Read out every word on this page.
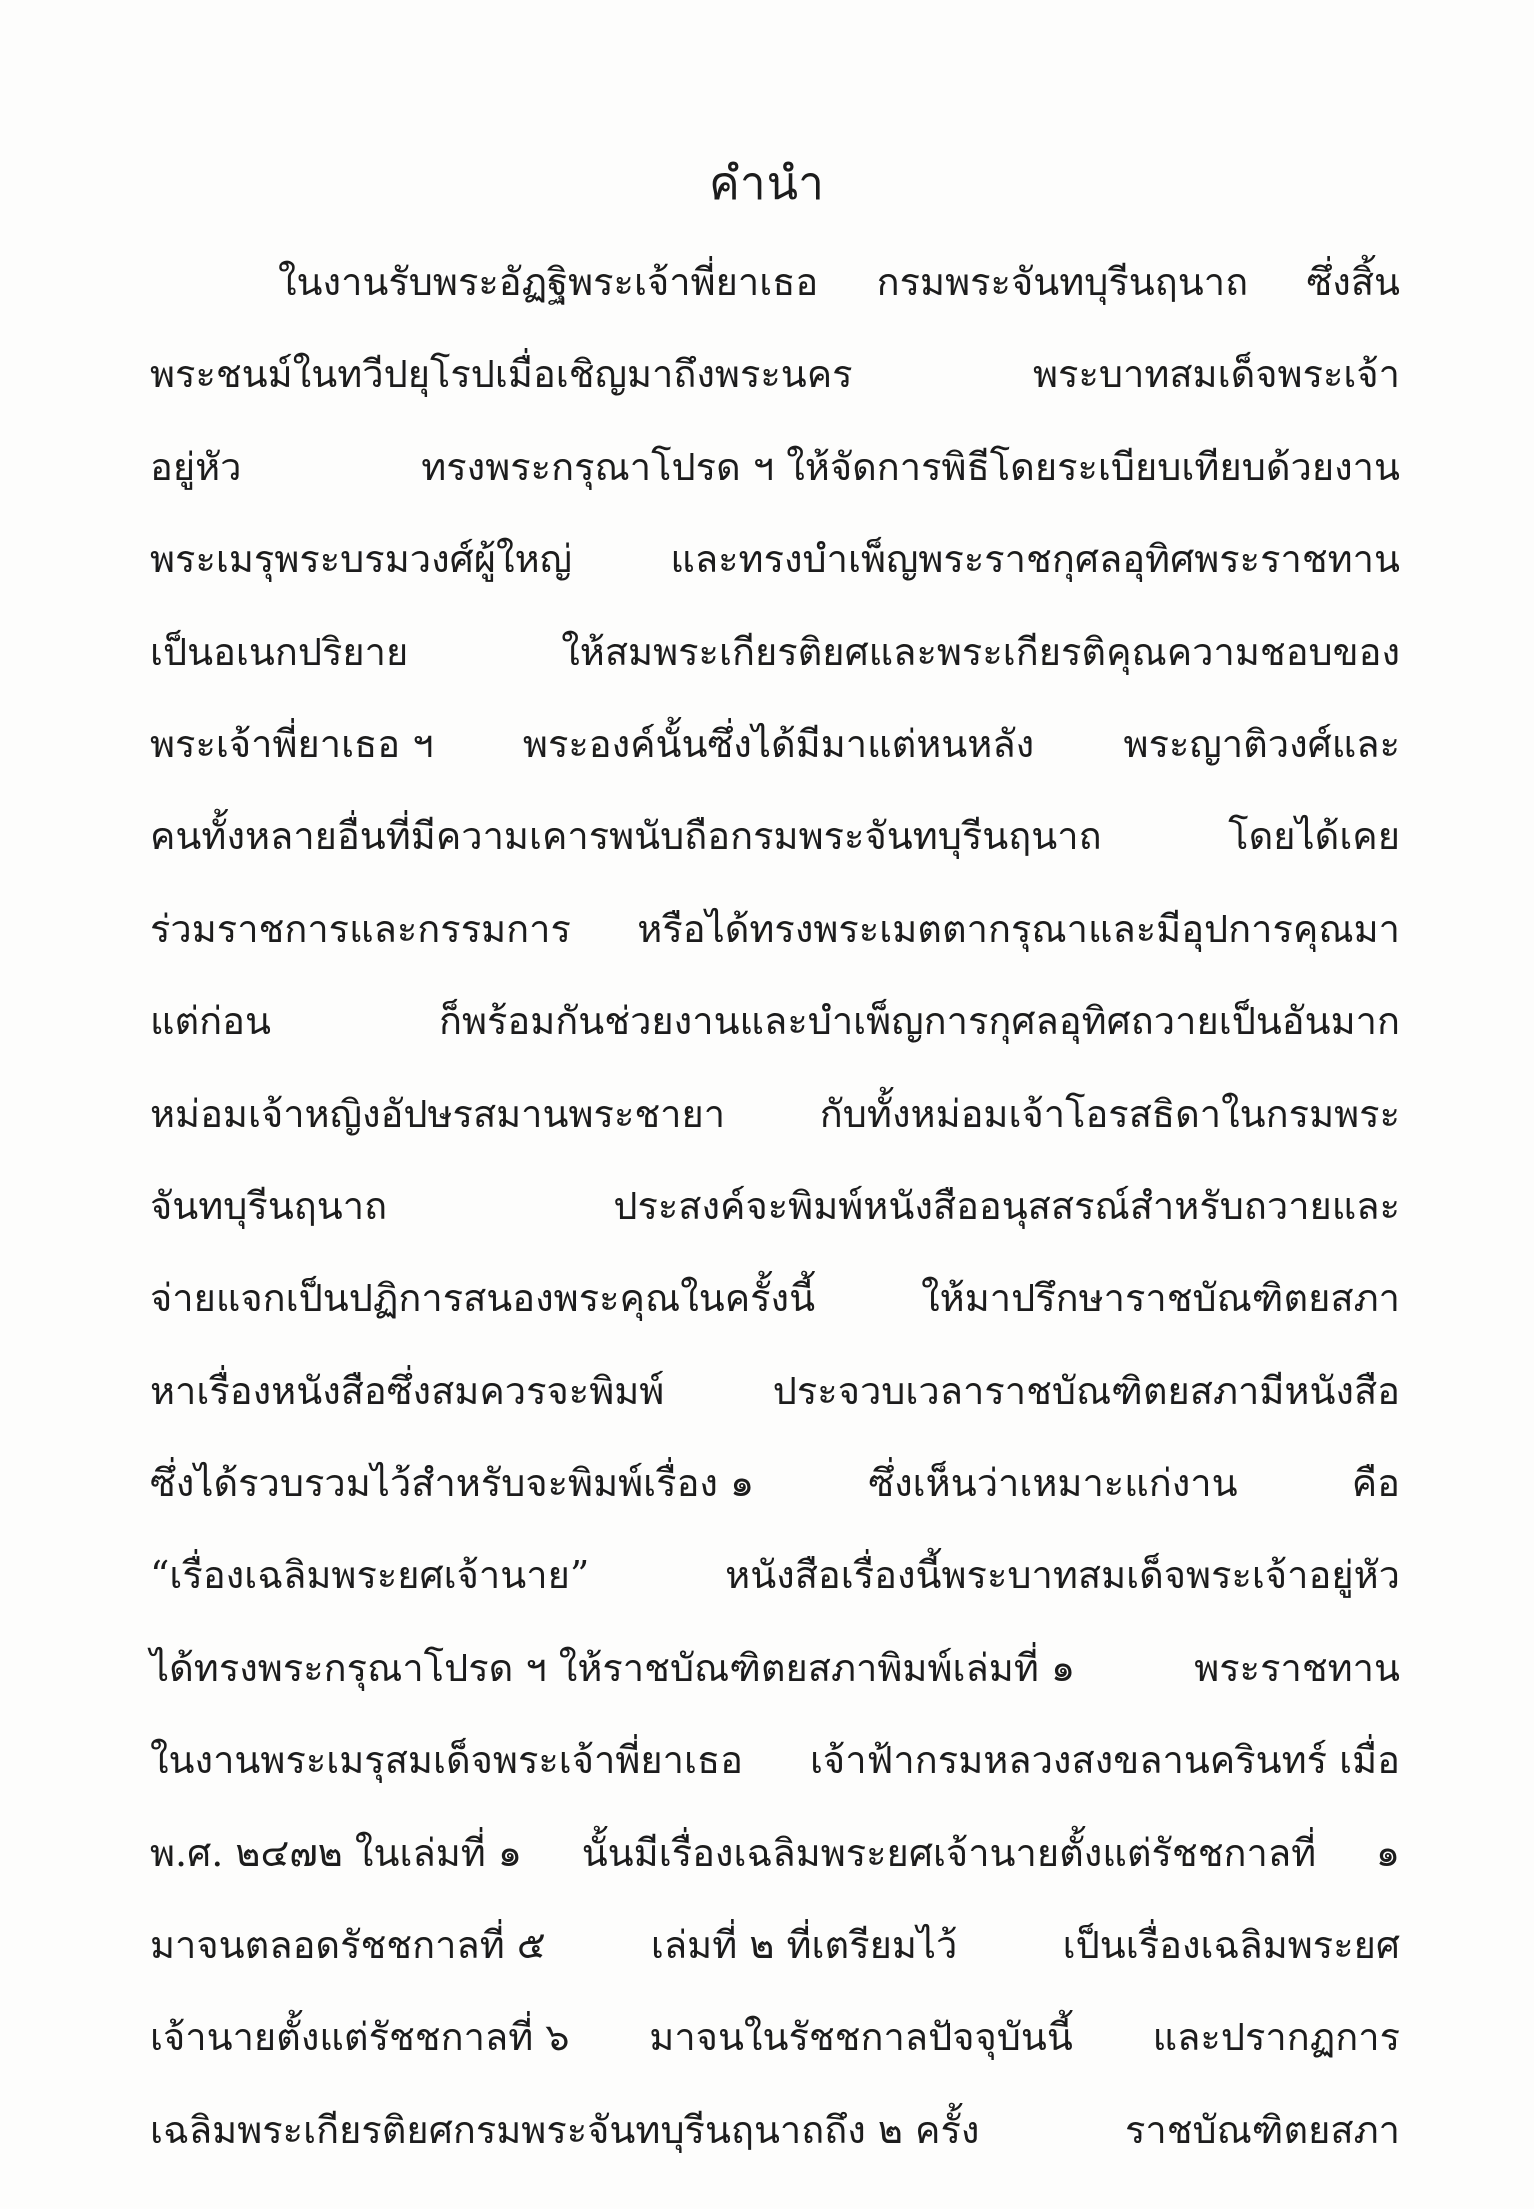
คำนำ
ในงานรับพระอัฏฐิพระเจ้าพี่ยาเธอ กรมพระจันทบุรีนฤนาถ ซึ่งสิ้น
พระชนม์ในทวีปยุโรปเมื่อเชิญมาถึงพระนคร	พระบาทสมเด็จพระเจ้า
อยู่หัว	ทรงพระกรุณาโปรด ฯ ให้จัดการพิธีโดยระเบียบเทียบด้วยงาน
พระเมรุพระบรมวงศ์ผู้ใหญ่	และทรงบำเพ็ญพระราชกุศลอุทิศพระราชทาน
เป็นอเนกปริยาย	ให้สมพระเกียรติยศและพระเกียรติคุณความชอบของ
พระเจ้าพี่ยาเธอ ฯ พระองค์นั้นซึ่งได้มีมาแต่หนหลัง พระญาติวงศ์และ
คนทั้งหลายอื่นที่มีความเคารพนับถือกรมพระจันทบุรีนฤนาถ	โดยได้เคย
ร่วมราชการและกรรมการ หรือได้ทรงพระเมตตากรุณาและมีอุปการคุณมา
แต่ก่อน	ก็พร้อมกันช่วยงานและบำเพ็ญการกุศลอุทิศถวายเป็นอันมาก
หม่อมเจ้าหญิงอัปษรสมานพระชายา กับทั้งหม่อมเจ้าโอรสธิดาในกรมพระ
จันทบุรีนฤนาถ	ประสงค์จะพิมพ์หนังสืออนุสสรณ์สำหรับถวายและ
จ่ายแจกเป็นปฏิการสนองพระคุณในครั้งนี้	ให้มาปรึกษาราชบัณฑิตยสภา
หาเรื่องหนังสือซึ่งสมควรจะพิมพ์	ประจวบเวลาราชบัณฑิตยสภามีหนังสือ
ซึ่งได้รวบรวมไว้สำหรับจะพิมพ์เรื่อง ๑	ซึ่งเห็นว่าเหมาะแก่งาน	คือ
“เรื่องเฉลิมพระยศเจ้านาย”	หนังสือเรื่องนี้พระบาทสมเด็จพระเจ้าอยู่หัว
ได้ทรงพระกรุณาโปรด ฯ ให้ราชบัณฑิตยสภาพิมพ์เล่มที่ ๑	พระราชทาน
ในงานพระเมรุสมเด็จพระเจ้าพี่ยาเธอ เจ้าฟ้ากรมหลวงสงขลานครินทร์ เมื่อ
พ.ศ. ๒๔๗๒ ในเล่มที่ ๑ นั้นมีเรื่องเฉลิมพระยศเจ้านายตั้งแต่รัชชกาลที่ ๑
มาจนตลอดรัชชกาลที่ ๕	เล่มที่ ๒ ที่เตรียมไว้	เป็นเรื่องเฉลิมพระยศ
เจ้านายตั้งแต่รัชชกาลที่ ๖ มาจนในรัชชกาลปัจจุบันนี้ และปรากฏการ
เฉลิมพระเกียรติยศกรมพระจันทบุรีนฤนาถถึง ๒ ครั้ง	ราชบัณฑิตยสภา
